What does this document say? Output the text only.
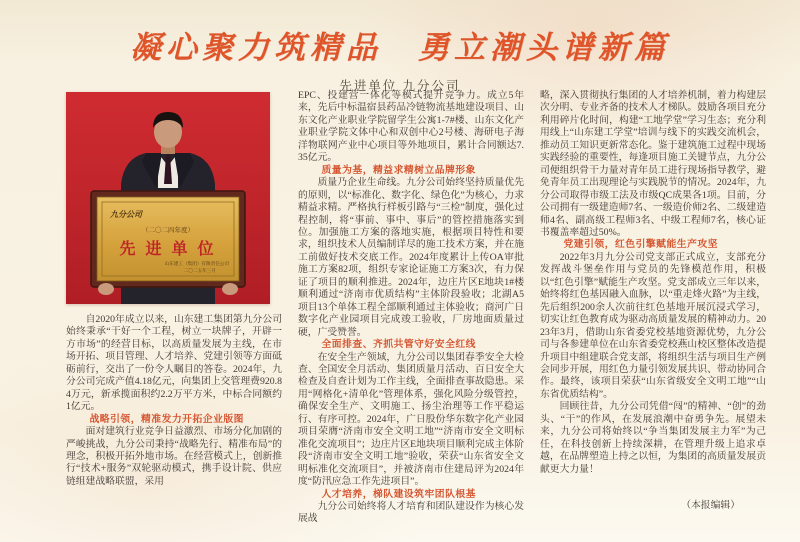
凝心聚力筑精品　勇立潮头谱新篇
先进单位 九分公司
九分公司
（二〇二四年度）
先 进 单 位
山东建工（集团）有限责任公司
二〇二五年三月

自2020年成立以来，山东建工集团第九分公司始终秉承“干好一个工程，树立一块牌子，开辟一方市场”的经营目标，以高质量发展为主线，在市场开拓、项目管理、人才培养、党建引领等方面砥砺前行，交出了一份令人瞩目的答卷。2024年，九分公司完成产值4.18亿元，向集团上交管理费920.84万元，新承揽面积约2.2万平方米，中标合同额约1亿元。

战略引领，精准发力开拓企业版图

面对建筑行业竞争日益激烈、市场分化加剧的严峻挑战，九分公司秉持“战略先行、精准布局”的理念，积极开拓外地市场。在经营模式上，创新推行“技术+服务”双轮驱动模式，携手设计院、供应链组建战略联盟，采用

EPC、投建营一体化等模式提升竞争力。成立5年来，先后中标温宿县药品冷链物流基地建设项目、山东文化产业职业学院留学生公寓1-7#楼、山东文化产业职业学院文体中心和双创中心2号楼、海研电子海洋物联网产业中心项目等外地项目，累计合同额达7.35亿元。

质量为基，精益求精树立品牌形象

质量乃企业生命线。九分公司始终坚持质量优先的原则，以“标准化、数字化、绿色化”为核心，力求精益求精。严格执行样板引路与“三检”制度，强化过程控制，将“事前、事中、事后”的管控措施落实到位。加强施工方案的落地实施，根据项目特性和要求，组织技术人员编制详尽的施工技术方案，并在施工前做好技术交底工作。2024年度累计上传OA审批施工方案82项，组织专家论证施工方案3次，有力保证了项目的顺利推进。2024年，边庄片区E地块1#楼顺利通过“济南市优质结构”主体阶段验收；北湖A5项目13个单体工程全部顺利通过主体验收；商河广日数字化产业园项目完成竣工验收，厂房地面质量过硬，广受赞誉。

全面排查、齐抓共管守好安全红线

在安全生产领域，九分公司以集团春季安全大检查、全国安全月活动、集团质量月活动、百日安全大检查及自查计划为工作主线，全面排查事故隐患。采用“网格化+清单化”管理体系，强化风险分级管控，确保安全生产、文明施工、扬尘治理等工作平稳运行、有序可控。2024年，广日股份华东数字化产业园项目荣膺“济南市安全文明工地”“济南市安全文明标准化交流项目”；边庄片区E地块项目顺利完成主体阶段“济南市安全文明工地”验收，荣获“山东省安全文明标准化交流项目”，并被济南市住建局评为2024年度“防汛应急工作先进项目”。

人才培养，梯队建设筑牢团队根基

九分公司始终将人才培育和团队建设作为核心发展战

略，深入贯彻执行集团的人才培养机制，着力构建层次分明、专业齐备的技术人才梯队。鼓励各项目充分利用碎片化时间，构建“工地学堂”学习生态；充分利用线上“山东建工学堂”培训与线下的实践交流机会，推动员工知识更新常态化。鉴于建筑施工过程中现场实践经验的重要性，每逢项目施工关键节点，九分公司便组织骨干力量对青年员工进行现场指导教学，避免青年员工出现理论与实践脱节的情况。2024年，九分公司取得市级工法及市级QC成果各1项。目前，分公司拥有一级建造师7名、一级造价师2名、二级建造师4名、副高级工程师3名、中级工程师7名，核心证书覆盖率超过50%。

党建引领，红色引擎赋能生产攻坚

2022年3月九分公司党支部正式成立，支部充分发挥战斗堡垒作用与党员的先锋模范作用，积极以“红色引擎”赋能生产攻坚。党支部成立三年以来，始终将红色基因融入血脉，以“重走烽火路”为主线，先后组织200余人次前往红色基地开展沉浸式学习，切实让红色教育成为驱动高质量发展的精神动力。2023年3月，借助山东省委党校基地资源优势，九分公司与各参建单位在山东省委党校燕山校区整体改造提升项目中组建联合党支部，将组织生活与项目生产例会同步开展，用红色力量引领发展共识、带动协同合作。最终，该项目荣获“山东省级安全文明工地”“山东省优质结构”。

回顾往昔，九分公司凭借“闯”的精神、“创”的劲头、“干”的作风，在发展浪潮中奋勇争先。展望未来，九分公司将始终以“争当集团发展主力军”为己任，在科技创新上持续深耕，在管理升级上追求卓越，在品牌塑造上持之以恒，为集团的高质量发展贡献更大力量！

（本报编辑）
